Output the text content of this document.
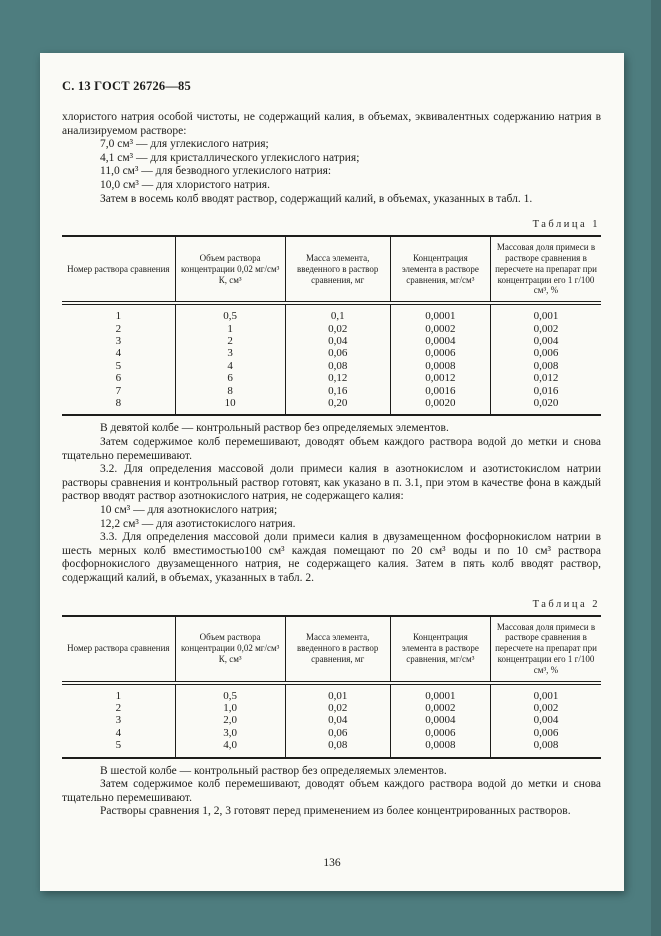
С. 13 ГОСТ 26726—85

хлористого натрия особой чистоты, не содержащий калия, в объемах, эквивалентных содержанию натрия в анализируемом растворе:

7,0 см³ — для углекислого натрия;
4,1 см³ — для кристаллического углекислого натрия;
11,0 см³ — для безводного углекислого натрия:
10,0 см³ — для хлористого натрия.

Затем в восемь колб вводят раствор, содержащий калий, в объемах, указанных в табл. 1.

Таблица 1
Номер раствора сравнения	Объем раствора концентрации 0,02 мг/см³ К, см³	Масса элемента, введенного в раствор сравнения, мг	Концентрация элемента в растворе сравнения, мг/см³	Массовая доля примеси в растворе сравнения в пересчете на препарат при концентрации его 1 г/100 см³, %
1	0,5	0,1	0,0001	0,001
2	1	0,02	0,0002	0,002
3	2	0,04	0,0004	0,004
4	3	0,06	0,0006	0,006
5	4	0,08	0,0008	0,008
6	6	0,12	0,0012	0,012
7	8	0,16	0,0016	0,016
8	10	0,20	0,0020	0,020

В девятой колбе — контрольный раствор без определяемых элементов.

Затем содержимое колб перемешивают, доводят объем каждого раствора водой до метки и снова тщательно перемешивают.

3.2. Для определения массовой доли примеси калия в азотнокислом и азотистокислом натрии растворы сравнения и контрольный раствор готовят, как указано в п. 3.1, при этом в качестве фона в каждый раствор вводят раствор азотнокислого натрия, не содержащего калия:

10 см³ — для азотнокислого натрия;
12,2 см³ — для азотистокислого натрия.

3.3. Для определения массовой доли примеси калия в двузамещенном фосфорнокислом натрии в шесть мерных колб вместимостью100 см³ каждая помещают по 20 см³ воды и по 10 см³ раствора фосфорнокислого двузамещенного натрия, не содержащего калия. Затем в пять колб вводят раствор, содержащий калий, в объемах, указанных в табл. 2.

Таблица 2
Номер раствора сравнения	Объем раствора концентрации 0,02 мг/см³ К, см³	Масса элемента, введенного в раствор сравнения, мг	Концентрация элемента в растворе сравнения, мг/см³	Массовая доля примеси в растворе сравнения в пересчете на препарат при концентрации его 1 г/100 см³, %
1	0,5	0,01	0,0001	0,001
2	1,0	0,02	0,0002	0,002
3	2,0	0,04	0,0004	0,004
4	3,0	0,06	0,0006	0,006
5	4,0	0,08	0,0008	0,008

В шестой колбе — контрольный раствор без определяемых элементов.

Затем содержимое колб перемешивают, доводят объем каждого раствора водой до метки и снова тщательно перемешивают.

Растворы сравнения 1, 2, 3 готовят перед применением из более концентрированных растворов.

136
